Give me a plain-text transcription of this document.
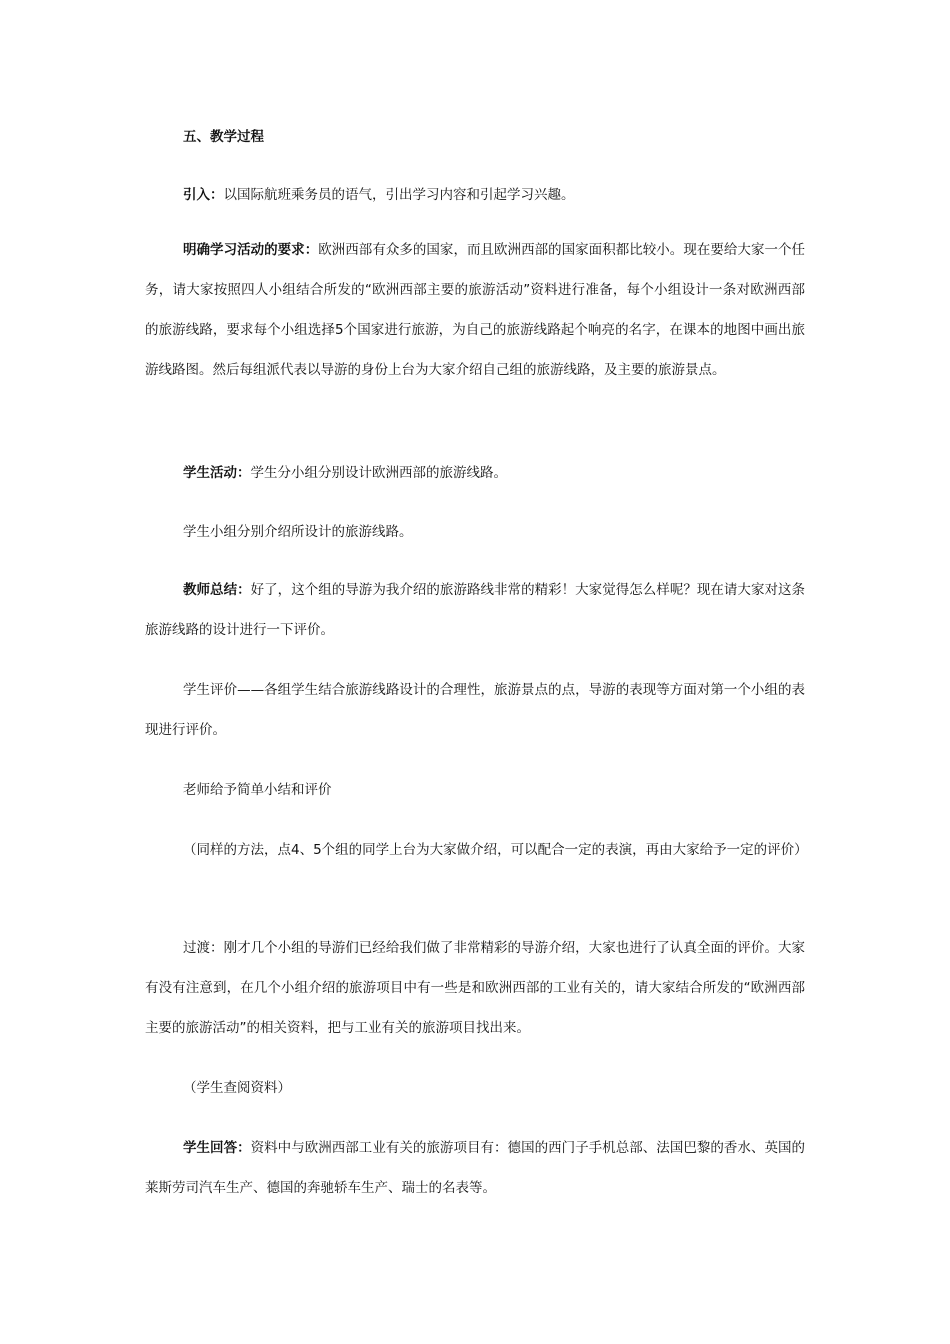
五、教学过程

引入：以国际航班乘务员的语气，引出学习内容和引起学习兴趣。

明确学习活动的要求：欧洲西部有众多的国家，而且欧洲西部的国家面积都比较小。现在要给大家一个任务，请大家按照四人小组结合所发的“欧洲西部主要的旅游活动”资料进行准备，每个小组设计一条对欧洲西部的旅游线路，要求每个小组选择5个国家进行旅游，为自己的旅游线路起个响亮的名字，在课本的地图中画出旅游线路图。然后每组派代表以导游的身份上台为大家介绍自己组的旅游线路，及主要的旅游景点。

学生活动：学生分小组分别设计欧洲西部的旅游线路。

学生小组分别介绍所设计的旅游线路。

教师总结：好了，这个组的导游为我介绍的旅游路线非常的精彩！大家觉得怎么样呢？现在请大家对这条旅游线路的设计进行一下评价。

学生评价——各组学生结合旅游线路设计的合理性，旅游景点的点，导游的表现等方面对第一个小组的表现进行评价。

老师给予简单小结和评价

（同样的方法，点4、5个组的同学上台为大家做介绍，可以配合一定的表演，再由大家给予一定的评价）

过渡：刚才几个小组的导游们已经给我们做了非常精彩的导游介绍，大家也进行了认真全面的评价。大家有没有注意到，在几个小组介绍的旅游项目中有一些是和欧洲西部的工业有关的，请大家结合所发的“欧洲西部主要的旅游活动”的相关资料，把与工业有关的旅游项目找出来。

（学生查阅资料）

学生回答：资料中与欧洲西部工业有关的旅游项目有：德国的西门子手机总部、法国巴黎的香水、英国的莱斯劳司汽车生产、德国的奔驰轿车生产、瑞士的名表等。
